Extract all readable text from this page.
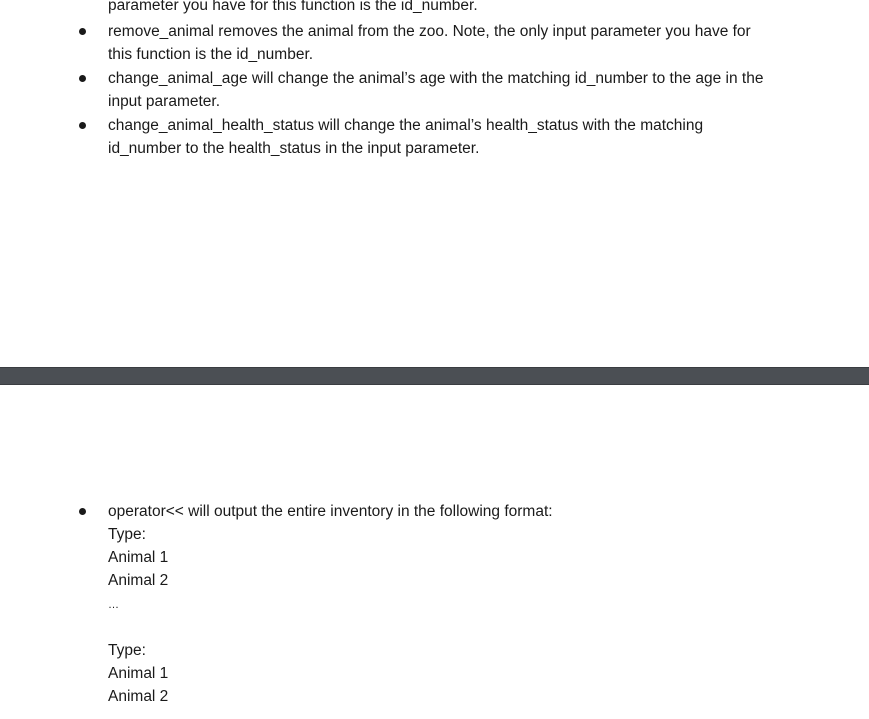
parameter you have for this function is the id_number.
remove_animal removes the animal from the zoo. Note, the only input parameter you have for
this function is the id_number.
change_animal_age will change the animal’s age with the matching id_number to the age in the
input parameter.
change_animal_health_status will change the animal’s health_status with the matching
id_number to the health_status in the input parameter.
operator<< will output the entire inventory in the following format:
Type:
Animal 1
Animal 2
…
Type:
Animal 1
Animal 2
